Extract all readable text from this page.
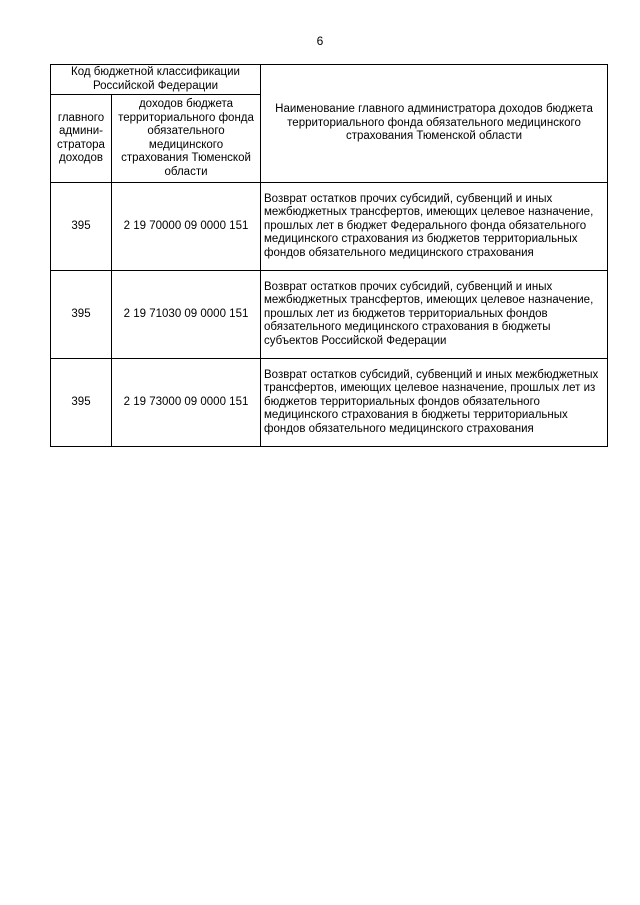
6
Код бюджетной классификации Российской Федерации		Наименование главного администратора доходов бюджета территориального фонда обязательного медицинского страхования Тюменской области
главного админи-стратора доходов	доходов бюджета территориального фонда обязательного медицинского страхования Тюменской области	
395	2 19 70000 09 0000 151	Возврат остатков прочих субсидий, субвенций и иных межбюджетных трансфертов, имеющих целевое назначение, прошлых лет в бюджет Федерального фонда обязательного медицинского страхования из бюджетов территориальных фондов обязательного медицинского страхования
395	2 19 71030 09 0000 151	Возврат остатков прочих субсидий, субвенций и иных межбюджетных трансфертов, имеющих целевое назначение, прошлых лет из бюджетов территориальных фондов обязательного медицинского страхования в бюджеты субъектов Российской Федерации
395	2 19 73000 09 0000 151	Возврат остатков субсидий, субвенций и иных межбюджетных трансфертов, имеющих целевое назначение, прошлых лет из бюджетов территориальных фондов обязательного медицинского страхования в бюджеты территориальных фондов обязательного медицинского страхования
